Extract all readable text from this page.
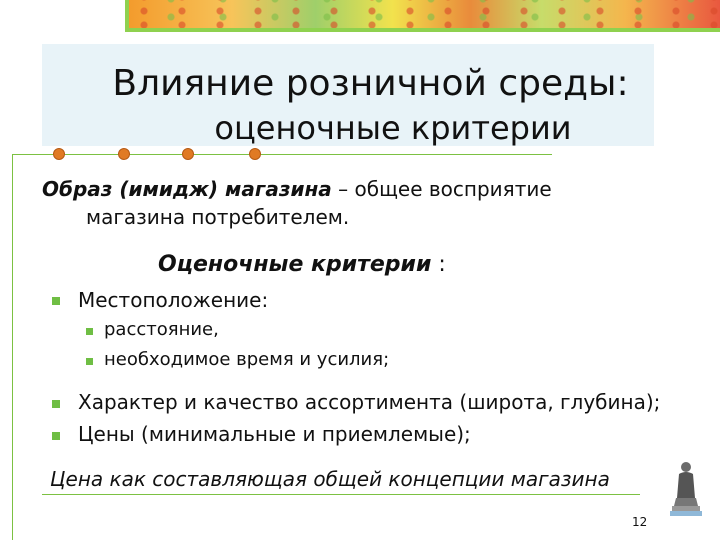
Влияние розничной среды:
оценочные критерии
Образ (имидж) магазина – общее восприятие
магазина потребителем.
Оценочные критерии :
Местоположение:
расстояние,
необходимое время и усилия;
Характер и качество ассортимента (широта, глубина);
Цены (минимальные и приемлемые);
Цена как составляющая общей концепции магазина
12
